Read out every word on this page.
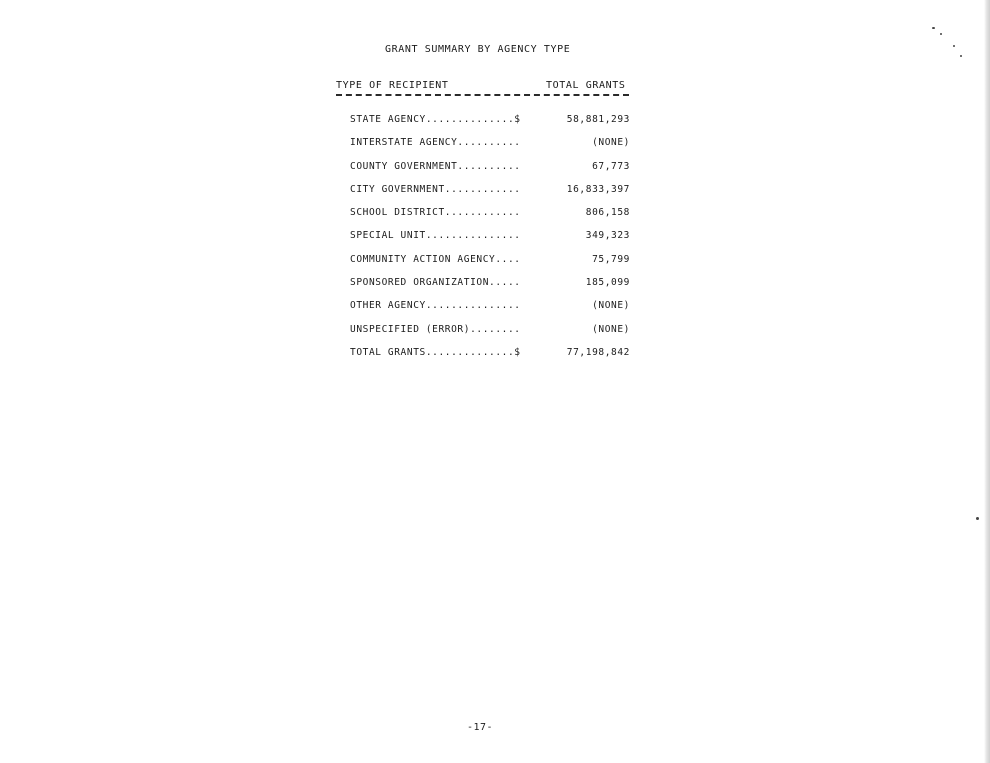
GRANT SUMMARY BY AGENCY TYPE
TYPE OF RECIPIENT	TOTAL GRANTS
STATE AGENCY..............$	58,881,293
INTERSTATE AGENCY..........	(NONE)
COUNTY GOVERNMENT..........	67,773
CITY GOVERNMENT............	16,833,397
SCHOOL DISTRICT............	806,158
SPECIAL UNIT...............	349,323
COMMUNITY ACTION AGENCY....	75,799
SPONSORED ORGANIZATION.....	185,099
OTHER AGENCY...............	(NONE)
UNSPECIFIED (ERROR)........	(NONE)
TOTAL GRANTS..............$	77,198,842
-17-
